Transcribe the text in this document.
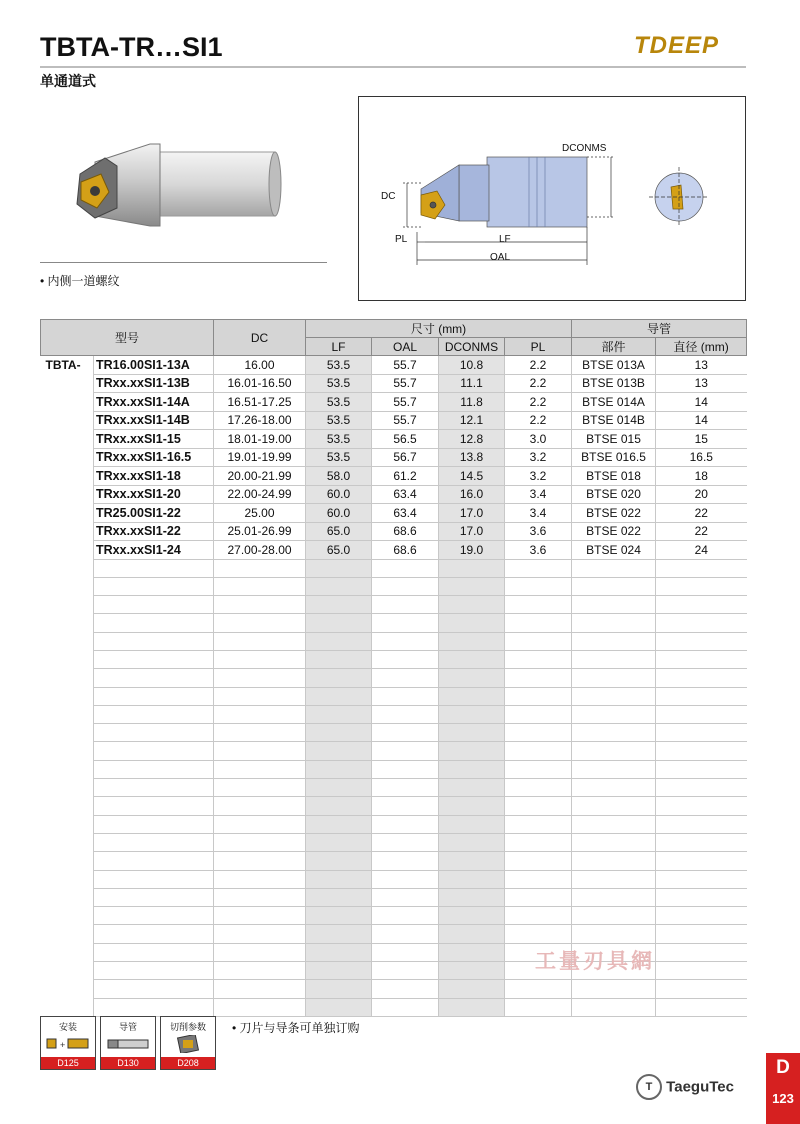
TBTA-TR…SI1	TDEEP
单通道式
• 内侧一道螺纹
DC
DCONMS
PL	LF
OAL
型号		DC	尺寸 (mm)				导管	
			LF	OAL	DCONMS	PL	部件	直径 (mm)
TBTA-	TR16.00SI1-13A	16.00	53.5	55.7	10.8	2.2	BTSE 013A	13
	TRxx.xxSI1-13B	16.01-16.50	53.5	55.7	11.1	2.2	BTSE 013B	13
	TRxx.xxSI1-14A	16.51-17.25	53.5	55.7	11.8	2.2	BTSE 014A	14
	TRxx.xxSI1-14B	17.26-18.00	53.5	55.7	12.1	2.2	BTSE 014B	14
	TRxx.xxSI1-15	18.01-19.00	53.5	56.5	12.8	3.0	BTSE 015	15
	TRxx.xxSI1-16.5	19.01-19.99	53.5	56.7	13.8	3.2	BTSE 016.5	16.5
	TRxx.xxSI1-18	20.00-21.99	58.0	61.2	14.5	3.2	BTSE 018	18
	TRxx.xxSI1-20	22.00-24.99	60.0	63.4	16.0	3.4	BTSE 020	20
	TR25.00SI1-22	25.00	60.0	63.4	17.0	3.4	BTSE 022	22
	TRxx.xxSI1-22	25.01-26.99	65.0	68.6	17.0	3.6	BTSE 022	22
	TRxx.xxSI1-24	27.00-28.00	65.0	68.6	19.0	3.6	BTSE 024	24

安装
+
D125
导管
D130
切削参数
D208
• 刀片与导条可单独订购
工量刃具網
T TaeguTec
D
123
